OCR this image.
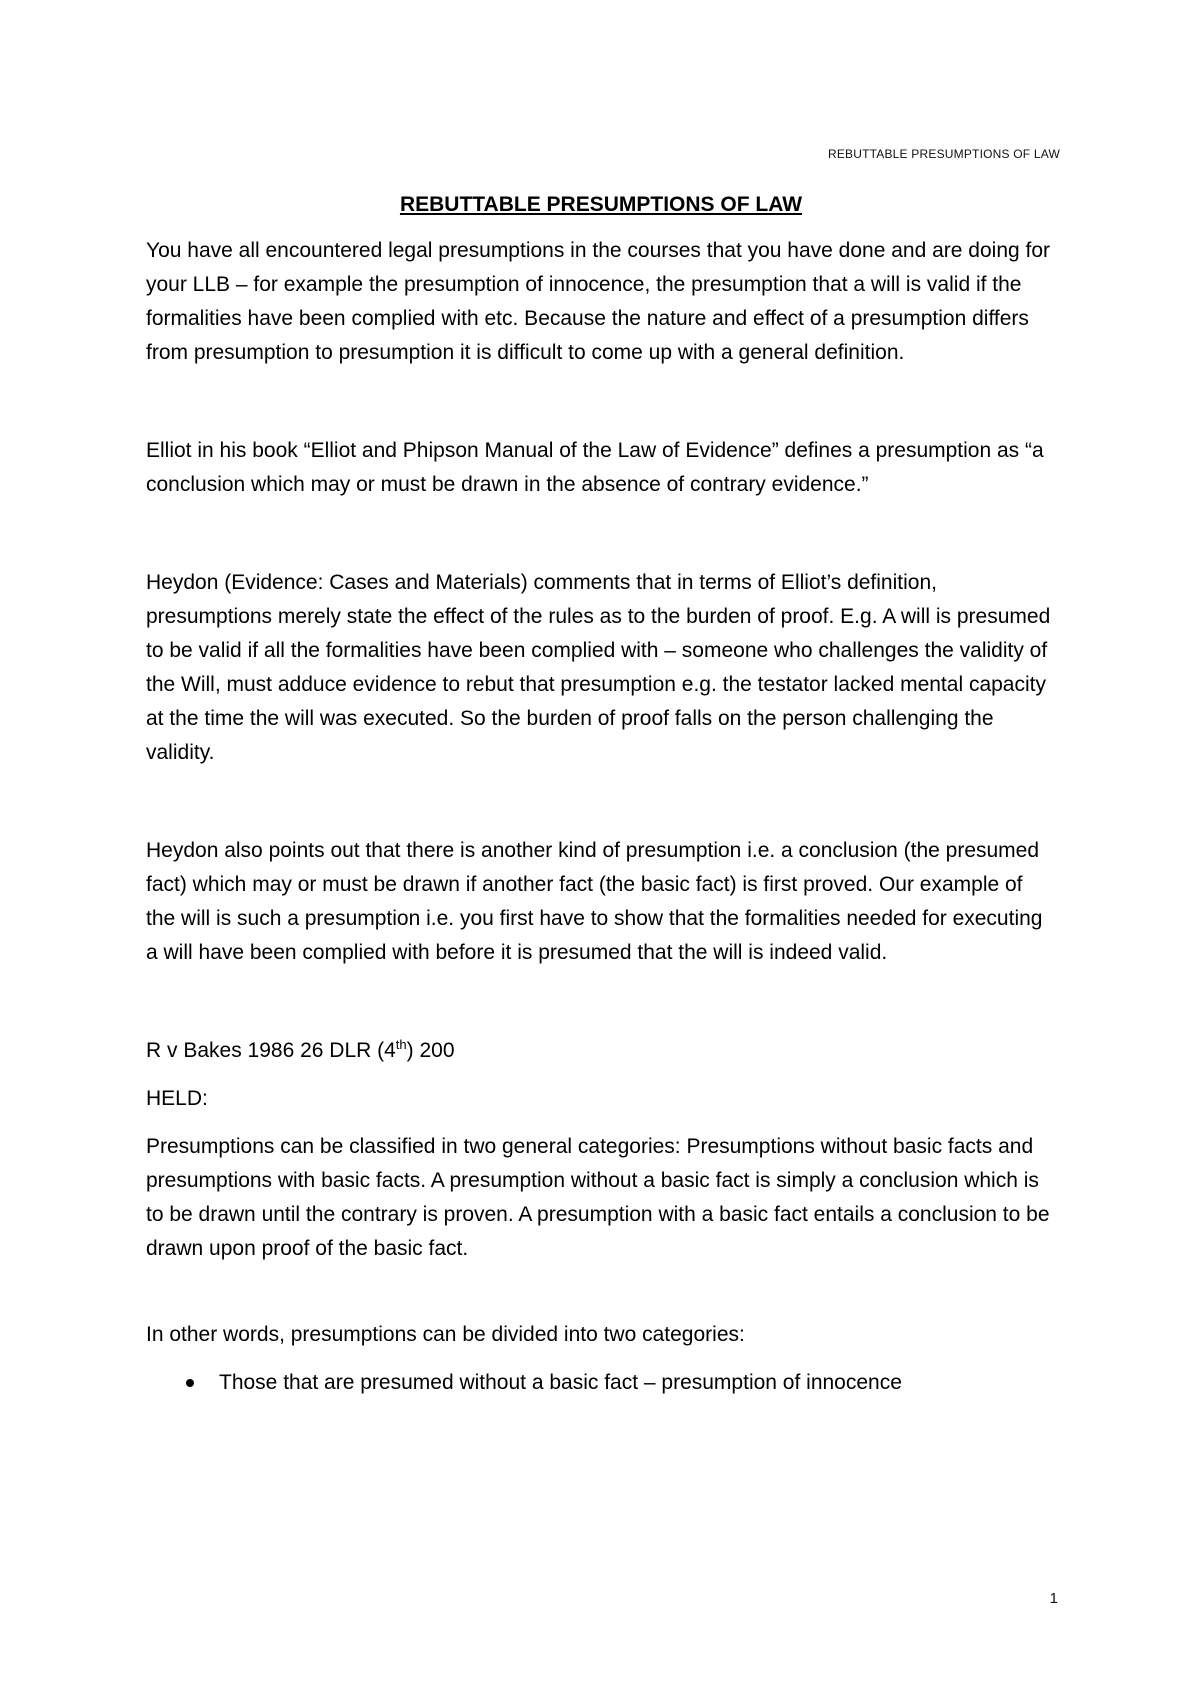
REBUTTABLE PRESUMPTIONS OF LAW
REBUTTABLE PRESUMPTIONS OF LAW

You have all encountered legal presumptions in the courses that you have done and are doing for your LLB – for example the presumption of innocence, the presumption that a will is valid if the formalities have been complied with etc. Because the nature and effect of a presumption differs from presumption to presumption it is difficult to come up with a general definition.

Elliot in his book “Elliot and Phipson Manual of the Law of Evidence” defines a presumption as “a conclusion which may or must be drawn in the absence of contrary evidence.”

Heydon (Evidence: Cases and Materials) comments that in terms of Elliot’s definition, presumptions merely state the effect of the rules as to the burden of proof. E.g. A will is presumed to be valid if all the formalities have been complied with – someone who challenges the validity of the Will, must adduce evidence to rebut that presumption e.g. the testator lacked mental capacity at the time the will was executed. So the burden of proof falls on the person challenging the validity.

Heydon also points out that there is another kind of presumption i.e. a conclusion (the presumed fact) which may or must be drawn if another fact (the basic fact) is first proved. Our example of the will is such a presumption i.e. you first have to show that the formalities needed for executing a will have been complied with before it is presumed that the will is indeed valid.

R v Bakes 1986 26 DLR (4th) 200

HELD:

Presumptions can be classified in two general categories: Presumptions without basic facts and presumptions with basic facts. A presumption without a basic fact is simply a conclusion which is to be drawn until the contrary is proven. A presumption with a basic fact entails a conclusion to be drawn upon proof of the basic fact.

In other words, presumptions can be divided into two categories:

Those that are presumed without a basic fact – presumption of innocence
1
